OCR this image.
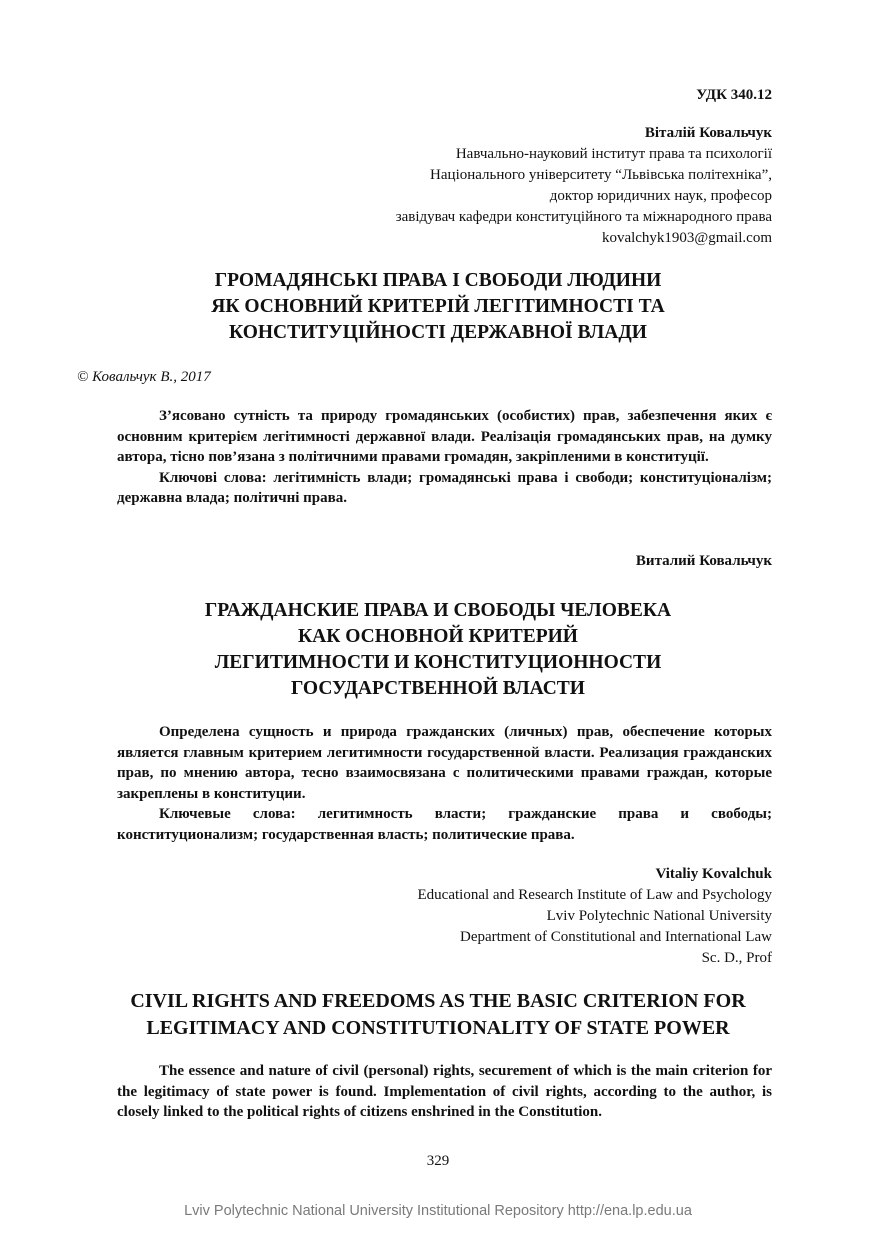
УДК 340.12
Віталій Ковальчук
Навчально-науковий інститут права та психології
Національного університету “Львівська політехніка”,
доктор юридичних наук, професор
завідувач кафедри конституційного та міжнародного права
kovalchyk1903@gmail.com
ГРОМАДЯНСЬКІ ПРАВА І СВОБОДИ ЛЮДИНИ
ЯК ОСНОВНИЙ КРИТЕРІЙ ЛЕГІТИМНОСТІ ТА
КОНСТИТУЦІЙНОСТІ ДЕРЖАВНОЇ ВЛАДИ
© Ковальчук В., 2017

З’ясовано сутність та природу громадянських (особистих) прав, забезпечення яких є основним критерієм легітимності державної влади. Реалізація громадянських прав, на думку автора, тісно пов’язана з політичними правами громадян, закріпленими в конституції.

Ключові слова: легітимність влади; громадянські права і свободи; конституціоналізм; державна влада; політичні права.

Виталий Ковальчук
ГРАЖДАНСКИЕ ПРАВА И СВОБОДЫ ЧЕЛОВЕКА
КАК ОСНОВНОЙ КРИТЕРИЙ
ЛЕГИТИМНОСТИ И КОНСТИТУЦИОННОСТИ
ГОСУДАРСТВЕННОЙ ВЛАСТИ

Определена сущность и природа гражданских (личных) прав, обеспечение которых является главным критерием легитимности государственной власти. Реализация гражданских прав, по мнению автора, тесно взаимосвязана с политическими правами граждан, которые закреплены в конституции.

Ключевые слова: легитимность власти; гражданские права и свободы; конституционализм; государственная власть; политические права.

Vitaliy Kovalchuk
Educational and Research Institute of Law and Psychology
Lviv Polytechnic National University
Department of Constitutional and International Law
Sc. D., Prof
CIVIL RIGHTS AND FREEDOMS AS THE BASIC CRITERION FOR
LEGITIMACY AND CONSTITUTIONALITY OF STATE POWER

The essence and nature of civil (personal) rights, securement of which is the main criterion for the legitimacy of state power is found. Implementation of civil rights, according to the author, is closely linked to the political rights of citizens enshrined in the Constitution.

329
Lviv Polytechnic National University Institutional Repository http://ena.lp.edu.ua
